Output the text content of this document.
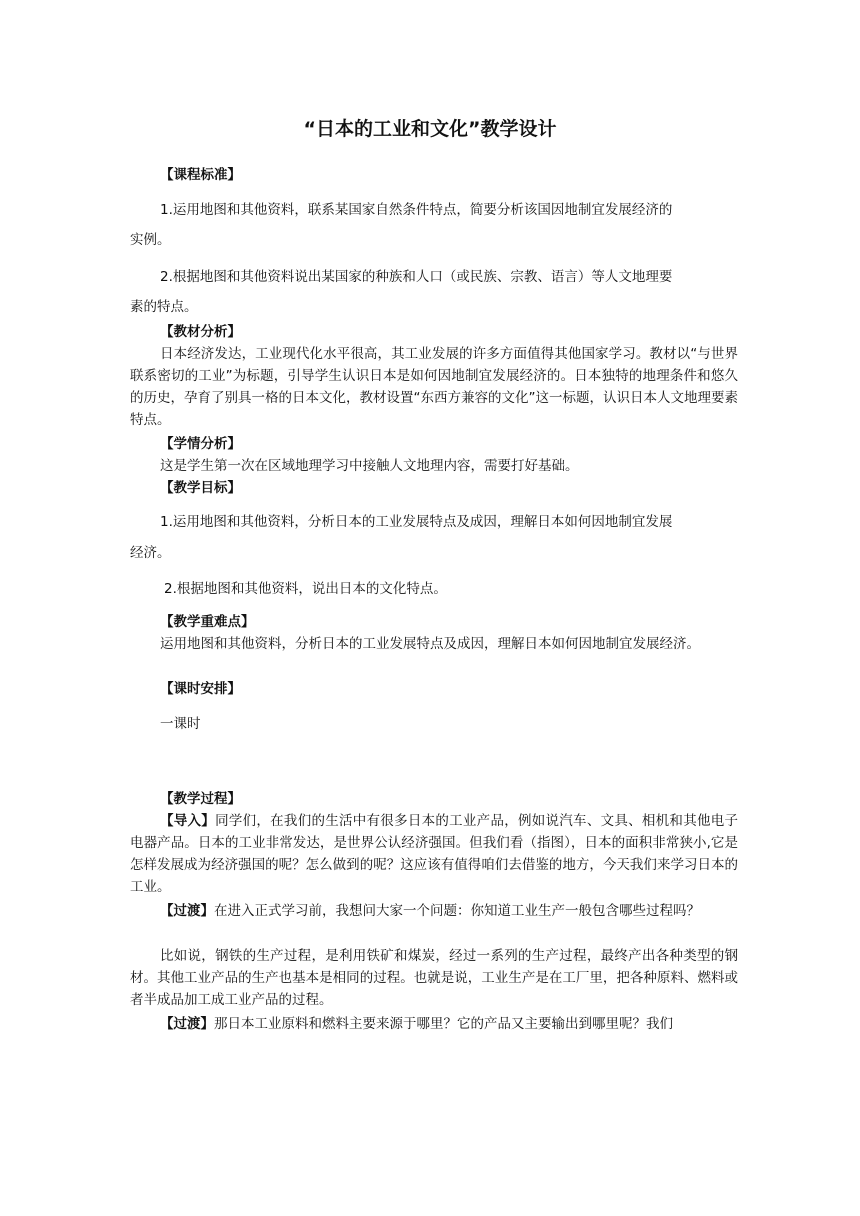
“日本的工业和文化”教学设计
【课程标准】
1.运用地图和其他资料，联系某国家自然条件特点，简要分析该国因地制宜发展经济的
实例。
2.根据地图和其他资料说出某国家的种族和人口（或民族、宗教、语言）等人文地理要
素的特点。
【教材分析】
日本经济发达，工业现代化水平很高，其工业发展的许多方面值得其他国家学习。教材以“与世界联系密切的工业”为标题，引导学生认识日本是如何因地制宜发展经济的。日本独特的地理条件和悠久的历史，孕育了别具一格的日本文化，教材设置“东西方兼容的文化”这一标题，认识日本人文地理要素特点。
【学情分析】
这是学生第一次在区域地理学习中接触人文地理内容，需要打好基础。
【教学目标】
1.运用地图和其他资料，分析日本的工业发展特点及成因，理解日本如何因地制宜发展
经济。
2.根据地图和其他资料，说出日本的文化特点。
【教学重难点】
运用地图和其他资料，分析日本的工业发展特点及成因，理解日本如何因地制宜发展经济。
【课时安排】
一课时
【教学过程】
【导入】同学们，在我们的生活中有很多日本的工业产品，例如说汽车、文具、相机和其他电子电器产品。日本的工业非常发达，是世界公认经济强国。但我们看（指图），日本的面积非常狭小,它是怎样发展成为经济强国的呢？怎么做到的呢？这应该有值得咱们去借鉴的地方，今天我们来学习日本的工业。
【过渡】在进入正式学习前，我想问大家一个问题：你知道工业生产一般包含哪些过程吗？
比如说，钢铁的生产过程，是利用铁矿和煤炭，经过一系列的生产过程，最终产出各种类型的钢材。其他工业产品的生产也基本是相同的过程。也就是说，工业生产是在工厂里，把各种原料、燃料或者半成品加工成工业产品的过程。
【过渡】那日本工业原料和燃料主要来源于哪里？它的产品又主要输出到哪里呢？我们
